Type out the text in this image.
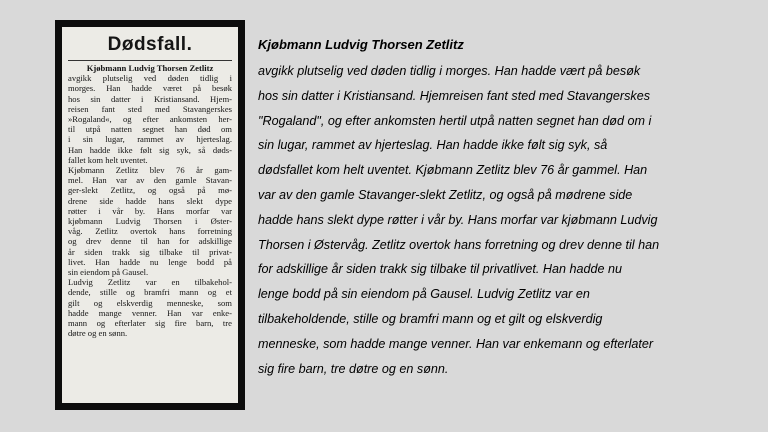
Dødsfall.
Kjøbmann Ludvig Thorsen Zetlitz
avgikk plutselig ved døden tidlig i
morges. Han hadde været på besøk
hos sin datter i Kristiansand. Hjem-
reisen fant sted med Stavangerskes
»Rogaland«, og efter ankomsten her-
til utpå natten segnet han død om
i sin lugar, rammet av hjerteslag.
Han hadde ikke følt sig syk, så døds-
fallet kom helt uventet.
Kjøbmann Zetlitz blev 76 år gam-
mel. Han var av den gamle Stavan-
ger-slekt Zetlitz, og også på mø-
drene side hadde hans slekt dype
røtter i vår by. Hans morfar var
kjøbmann Ludvig Thorsen i Øster-
våg. Zetlitz overtok hans forretning
og drev denne til han for adskillige
år siden trakk sig tilbake til privat-
livet. Han hadde nu lenge bodd på
sin eiendom på Gausel.
Ludvig Zetlitz var en tilbakehol-
dende, stille og bramfri mann og et
gilt og elskverdig menneske, som
hadde mange venner. Han var enke-
mann og efterlater sig fire barn, tre
døtre og en sønn.
Kjøbmann Ludvig Thorsen Zetlitz
avgikk plutselig ved døden tidlig i morges. Han hadde vært på besøk
hos sin datter i Kristiansand. Hjemreisen fant sted med Stavangerskes
"Rogaland", og efter ankomsten hertil utpå natten segnet han død om i
sin lugar, rammet av hjerteslag. Han hadde ikke følt sig syk, så
dødsfallet kom helt uventet. Kjøbmann Zetlitz blev 76 år gammel. Han
var av den gamle Stavanger-slekt Zetlitz, og også på mødrene side
hadde hans slekt dype røtter i vår by. Hans morfar var kjøbmann Ludvig
Thorsen i Østervåg. Zetlitz overtok hans forretning og drev denne til han
for adskillige år siden trakk sig tilbake til privatlivet. Han hadde nu
lenge bodd på sin eiendom på Gausel. Ludvig Zetlitz var en
tilbakeholdende, stille og bramfri mann og et gilt og elskverdig
menneske, som hadde mange venner. Han var enkemann og efterlater
sig fire barn, tre døtre og en sønn.
